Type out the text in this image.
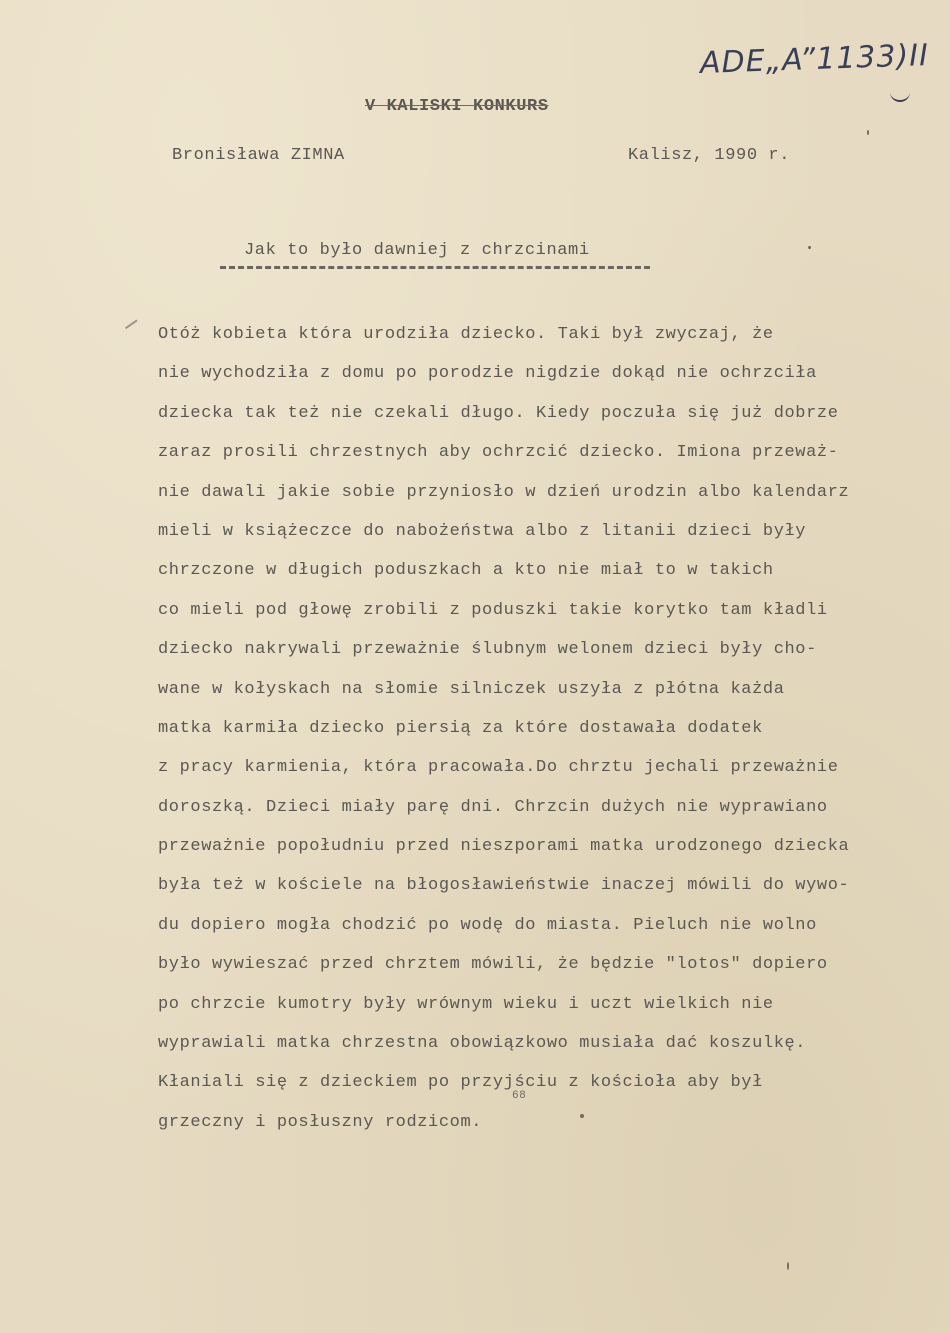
ADE„A”1133)II
V KALISKI KONKURS
Bronisława ZIMNA	Kalisz, 1990 r.
Jak to było dawniej z chrzcinami
Otóż kobieta która urodziła dziecko. Taki był zwyczaj, że
nie wychodziła z domu po porodzie nigdzie dokąd nie ochrzciła
dziecka tak też nie czekali długo. Kiedy poczuła się już dobrze
zaraz prosili chrzestnych aby ochrzcić dziecko. Imiona przeważ-
nie dawali jakie sobie przyniosło w dzień urodzin albo kalendarz
mieli w książeczce do nabożeństwa albo z litanii dzieci były
chrzczone w długich poduszkach a kto nie miał to w takich
co mieli pod głowę zrobili z poduszki takie korytko tam kładli
dziecko nakrywali przeważnie ślubnym welonem dzieci były cho-
wane w kołyskach na słomie silniczek uszyła z płótna każda
matka karmiła dziecko piersią za które dostawała dodatek
z pracy karmienia, która pracowała.Do chrztu jechali przeważnie
doroszką. Dzieci miały parę dni. Chrzcin dużych nie wyprawiano
przeważnie popołudniu przed nieszporami matka urodzonego dziecka
była też w kościele na błogosławieństwie inaczej mówili do wywo-
du dopiero mogła chodzić po wodę do miasta. Pieluch nie wolno
było wywieszać przed chrztem mówili, że będzie "lotos" dopiero
po chrzcie kumotry były wrównym wieku i uczt wielkich nie
wyprawiali matka chrzestna obowiązkowo musiała dać koszulkę.
Kłaniali się z dzieckiem po przyjściu z kościoła aby był
grzeczny i posłuszny rodzicom.
68
